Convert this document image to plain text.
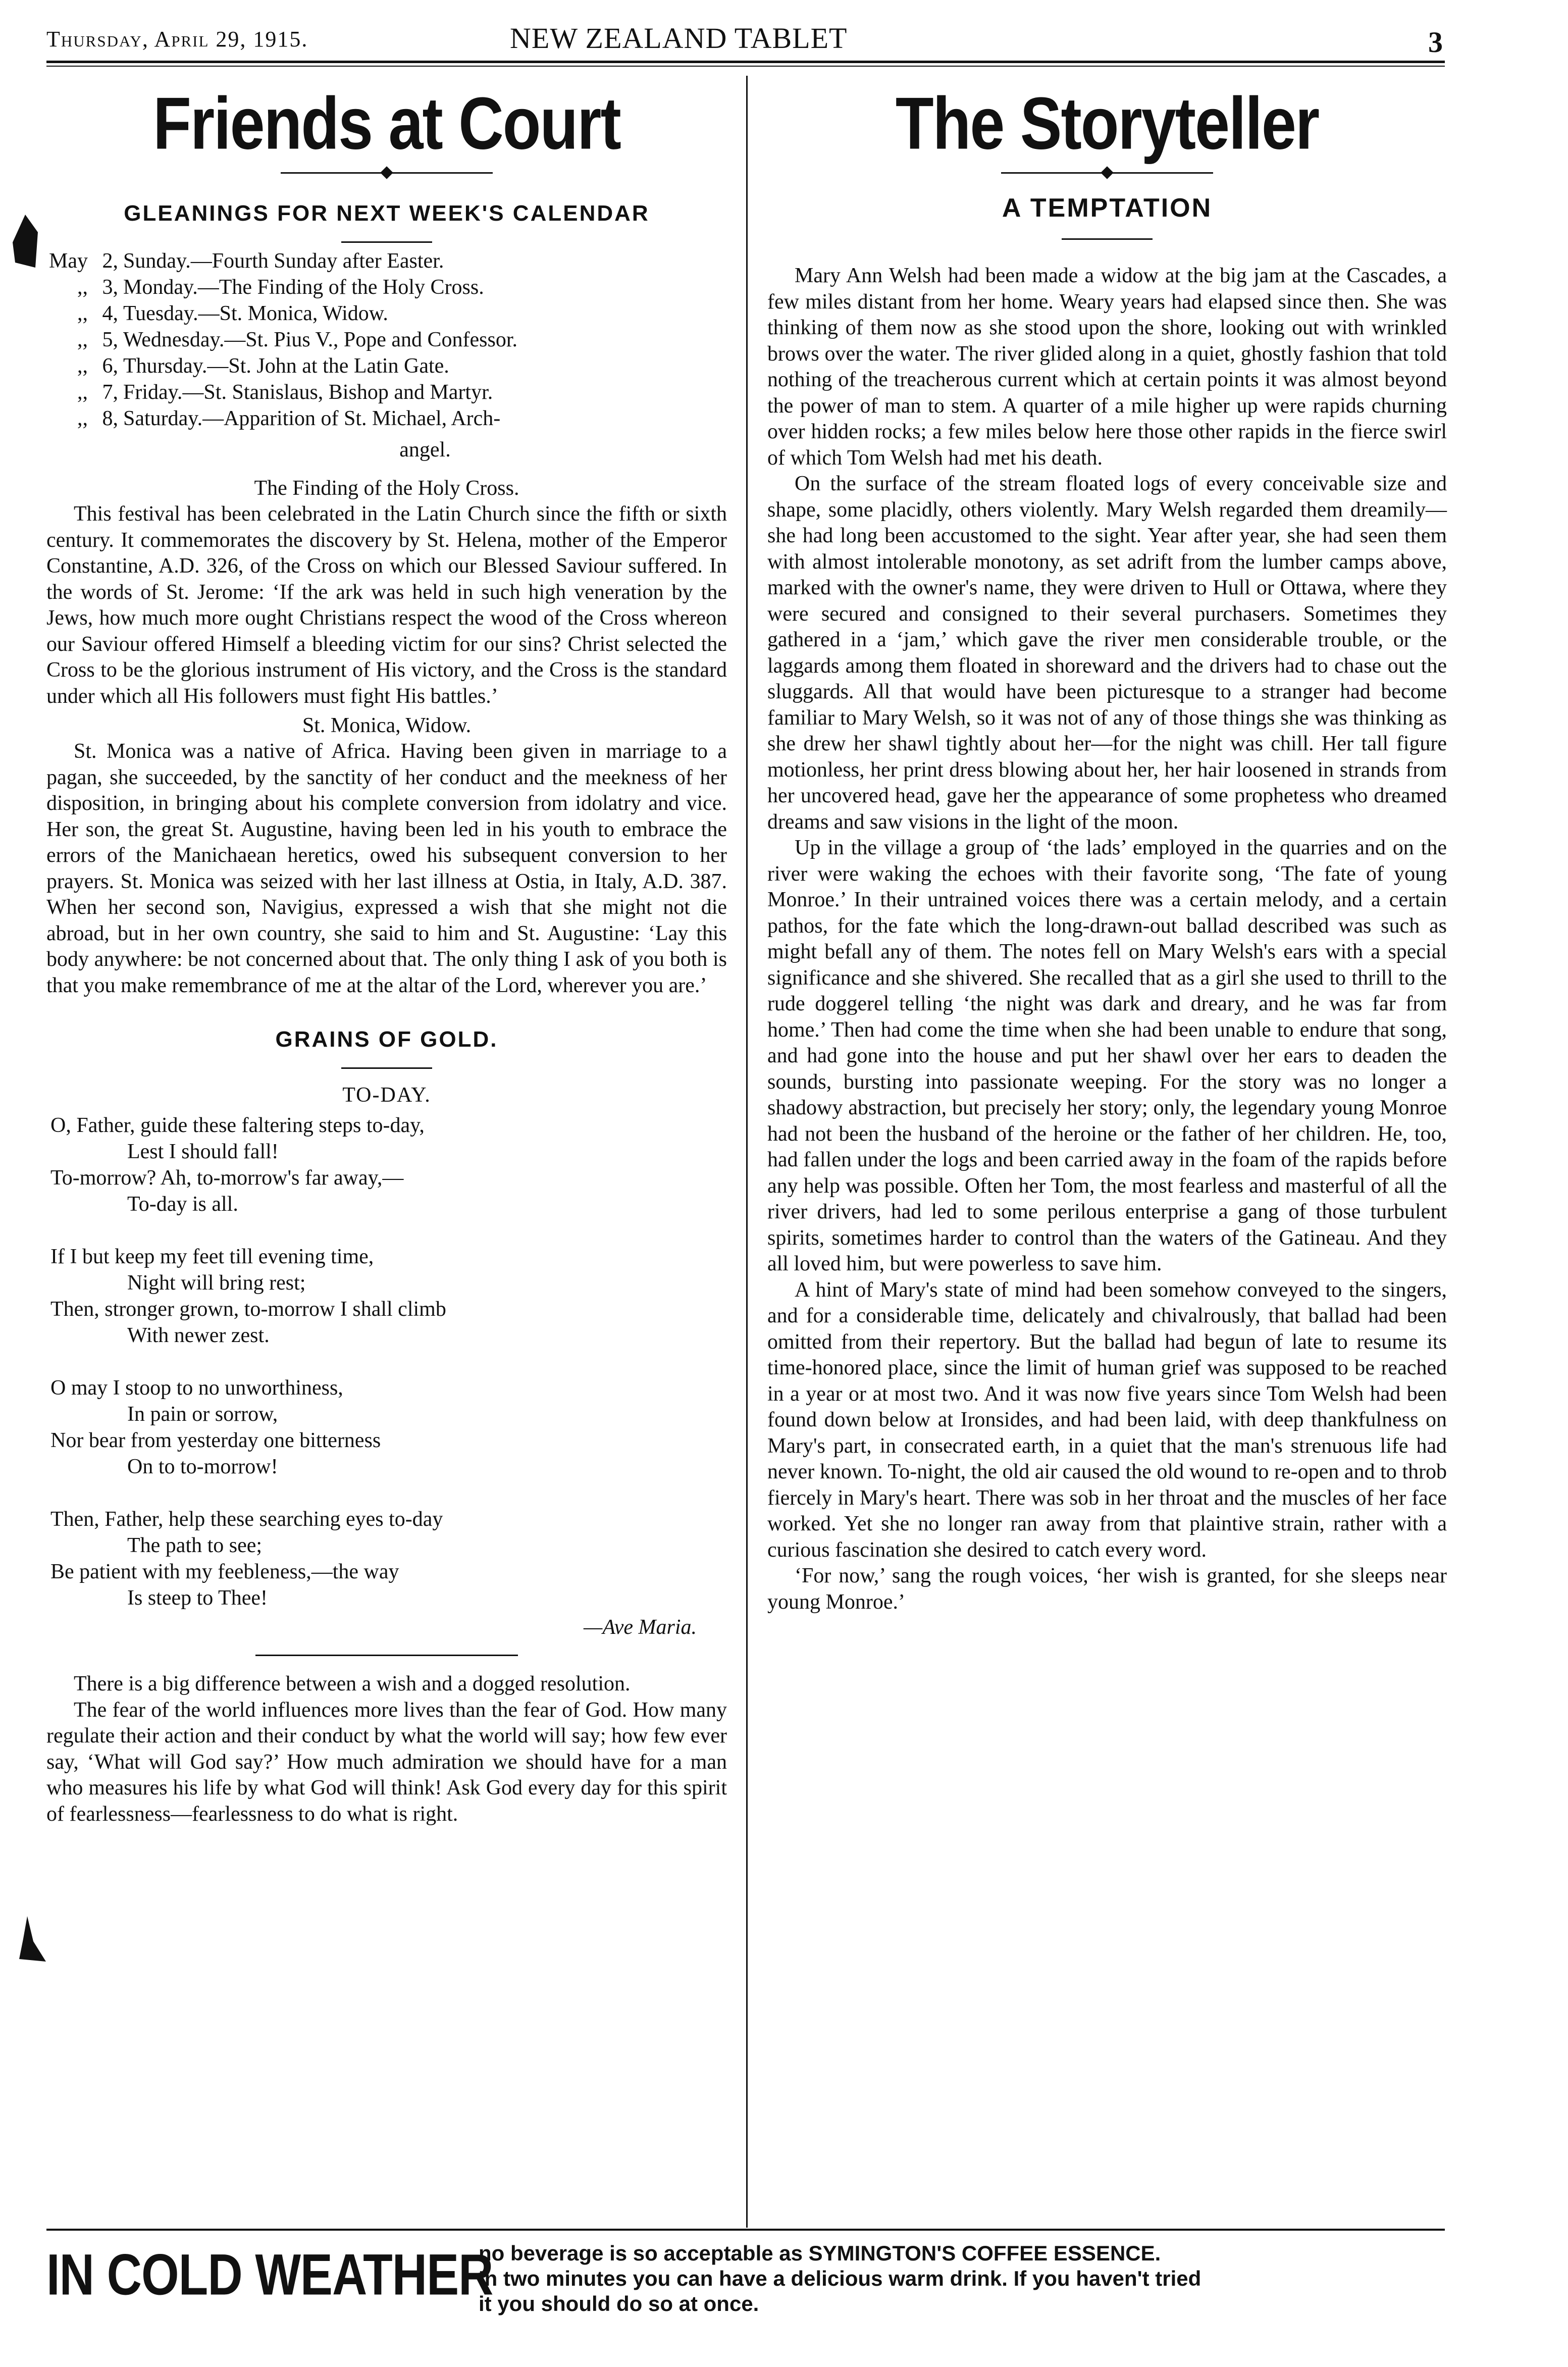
Thursday, April 29, 1915.	NEW ZEALAND TABLET	3
Friends at Court
GLEANINGS FOR NEXT WEEK'S CALENDAR
May 2, Sunday.—Fourth Sunday after Easter.
,, 3, Monday.—The Finding of the Holy Cross.
,, 4, Tuesday.—St. Monica, Widow.
,, 5, Wednesday.—St. Pius V., Pope and Confessor.
,, 6, Thursday.—St. John at the Latin Gate.
,, 7, Friday.—St. Stanislaus, Bishop and Martyr.
,, 8, Saturday.—Apparition of St. Michael, Arch-
angel.
The Finding of the Holy Cross.

This festival has been celebrated in the Latin Church since the fifth or sixth century. It commemorates the discovery by St. Helena, mother of the Emperor Constantine, A.D. 326, of the Cross on which our Blessed Saviour suffered. In the words of St. Jerome: ‘If the ark was held in such high veneration by the Jews, how much more ought Christians respect the wood of the Cross whereon our Saviour offered Himself a bleeding victim for our sins? Christ selected the Cross to be the glorious instrument of His victory, and the Cross is the standard under which all His followers must fight His battles.’

St. Monica, Widow.

St. Monica was a native of Africa. Having been given in marriage to a pagan, she succeeded, by the sanctity of her conduct and the meekness of her disposition, in bringing about his complete conversion from idolatry and vice. Her son, the great St. Augustine, having been led in his youth to embrace the errors of the Manichaean heretics, owed his subsequent conversion to her prayers. St. Monica was seized with her last illness at Ostia, in Italy, A.D. 387. When her second son, Navigius, expressed a wish that she might not die abroad, but in her own country, she said to him and St. Augustine: ‘Lay this body anywhere: be not concerned about that. The only thing I ask of you both is that you make remembrance of me at the altar of the Lord, wherever you are.’

GRAINS OF GOLD.
TO-DAY.
O, Father, guide these faltering steps to-day,
Lest I should fall!
To-morrow? Ah, to-morrow's far away,—
To-day is all.
If I but keep my feet till evening time,
Night will bring rest;
Then, stronger grown, to-morrow I shall climb
With newer zest.
O may I stoop to no unworthiness,
In pain or sorrow,
Nor bear from yesterday one bitterness
On to to-morrow!
Then, Father, help these searching eyes to-day
The path to see;
Be patient with my feebleness,—the way
Is steep to Thee!
—Ave Maria.

There is a big difference between a wish and a dogged resolution.

The fear of the world influences more lives than the fear of God. How many regulate their action and their conduct by what the world will say; how few ever say, ‘What will God say?’ How much admiration we should have for a man who measures his life by what God will think! Ask God every day for this spirit of fearlessness—fearlessness to do what is right.

The Storyteller
A TEMPTATION

Mary Ann Welsh had been made a widow at the big jam at the Cascades, a few miles distant from her home. Weary years had elapsed since then. She was thinking of them now as she stood upon the shore, looking out with wrinkled brows over the water. The river glided along in a quiet, ghostly fashion that told nothing of the treacherous current which at certain points it was almost beyond the power of man to stem. A quarter of a mile higher up were rapids churning over hidden rocks; a few miles below here those other rapids in the fierce swirl of which Tom Welsh had met his death.

On the surface of the stream floated logs of every conceivable size and shape, some placidly, others violently. Mary Welsh regarded them dreamily—she had long been accustomed to the sight. Year after year, she had seen them with almost intolerable monotony, as set adrift from the lumber camps above, marked with the owner's name, they were driven to Hull or Ottawa, where they were secured and consigned to their several purchasers. Sometimes they gathered in a ‘jam,’ which gave the river men considerable trouble, or the laggards among them floated in shoreward and the drivers had to chase out the sluggards. All that would have been picturesque to a stranger had become familiar to Mary Welsh, so it was not of any of those things she was thinking as she drew her shawl tightly about her—for the night was chill. Her tall figure motionless, her print dress blowing about her, her hair loosened in strands from her uncovered head, gave her the appearance of some prophetess who dreamed dreams and saw visions in the light of the moon.

Up in the village a group of ‘the lads’ employed in the quarries and on the river were waking the echoes with their favorite song, ‘The fate of young Monroe.’ In their untrained voices there was a certain melody, and a certain pathos, for the fate which the long-drawn-out ballad described was such as might befall any of them. The notes fell on Mary Welsh's ears with a special significance and she shivered. She recalled that as a girl she used to thrill to the rude doggerel telling ‘the night was dark and dreary, and he was far from home.’ Then had come the time when she had been unable to endure that song, and had gone into the house and put her shawl over her ears to deaden the sounds, bursting into passionate weeping. For the story was no longer a shadowy abstraction, but precisely her story; only, the legendary young Monroe had not been the husband of the heroine or the father of her children. He, too, had fallen under the logs and been carried away in the foam of the rapids before any help was possible. Often her Tom, the most fearless and masterful of all the river drivers, had led to some perilous enterprise a gang of those turbulent spirits, sometimes harder to control than the waters of the Gatineau. And they all loved him, but were powerless to save him.

A hint of Mary's state of mind had been somehow conveyed to the singers, and for a considerable time, delicately and chivalrously, that ballad had been omitted from their repertory. But the ballad had begun of late to resume its time-honored place, since the limit of human grief was supposed to be reached in a year or at most two. And it was now five years since Tom Welsh had been found down below at Ironsides, and had been laid, with deep thankfulness on Mary's part, in consecrated earth, in a quiet that the man's strenuous life had never known. To-night, the old air caused the old wound to re-open and to throb fiercely in Mary's heart. There was sob in her throat and the muscles of her face worked. Yet she no longer ran away from that plaintive strain, rather with a curious fascination she desired to catch every word.

‘For now,’ sang the rough voices, ‘her wish is granted, for she sleeps near young Monroe.’

IN COLD WEATHER
no beverage is so acceptable as SYMINGTON'S COFFEE ESSENCE.
In two minutes you can have a delicious warm drink. If you haven't tried
it you should do so at once.
